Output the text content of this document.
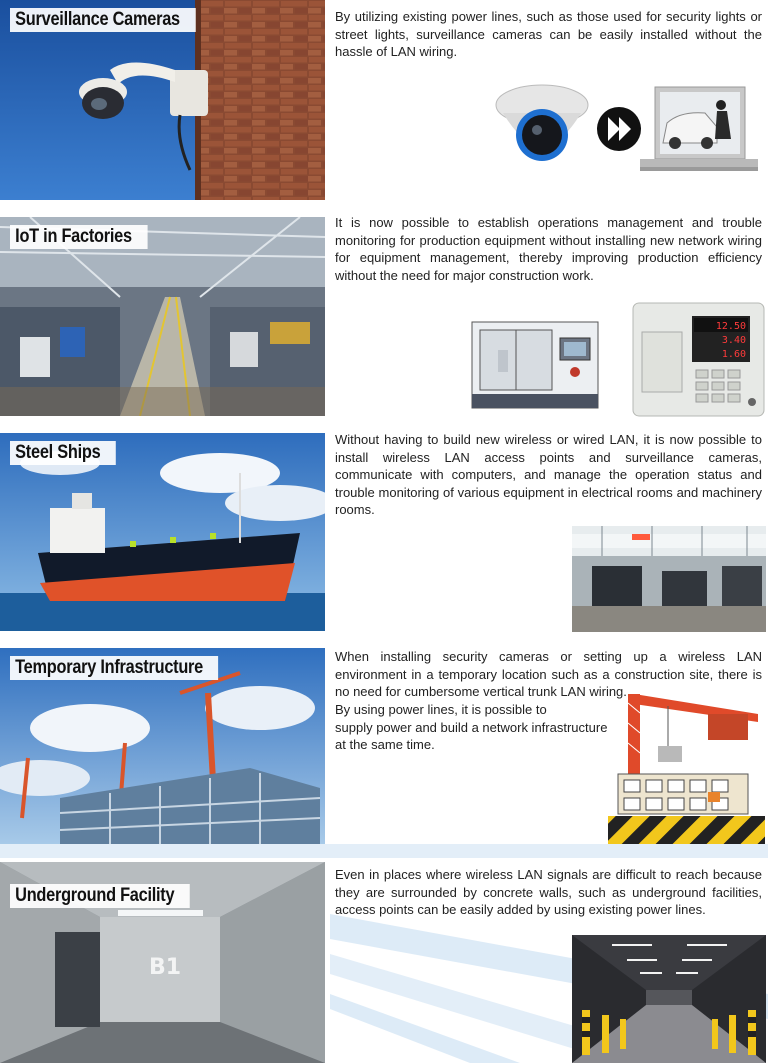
Surveillance Cameras	By utilizing existing power lines, such as those used for security lights or street lights, surveillance cameras can be easily installed without the hassle of LAN wiring.

IoT in Factories

It is now possible to establish operations management and trouble monitoring for production equipment without installing new network wiring for equipment management, thereby improving production efficiency without the need for major construction work.

12.50
3.40
1.60
Steel Ships

Without having to build new wireless or wired LAN, it is now possible to install wireless LAN access points and surveillance cameras, communicate with computers, and manage the operation status and trouble monitoring of various equipment in electrical rooms and machinery rooms.

Temporary Infrastructure

When installing security cameras or setting up a wireless LAN environment in a temporary location such as a construction site, there is no need for cumbersome vertical trunk LAN wiring.

By using power lines, it is possible to
supply power and build a network infrastructure
at the same time.
B1
Underground Facility

Even in places where wireless LAN signals are difficult to reach because they are surrounded by concrete walls, such as underground facilities, access points can be easily added by using existing power lines.
